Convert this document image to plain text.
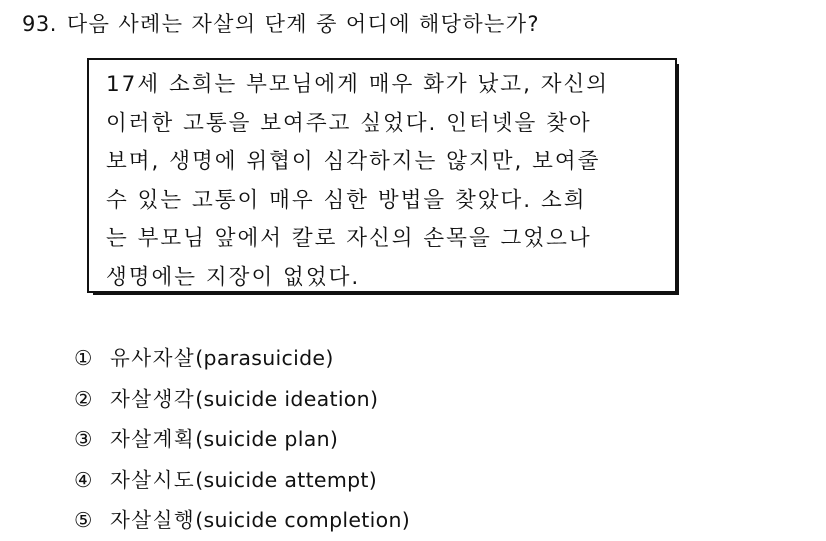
93. 다음 사례는 자살의 단계 중 어디에 해당하는가?
17세 소희는 부모님에게 매우 화가 났고, 자신의
이러한 고통을 보여주고 싶었다. 인터넷을 찾아
보며, 생명에 위협이 심각하지는 않지만, 보여줄
수 있는 고통이 매우 심한 방법을 찾았다. 소희
는 부모님 앞에서 칼로 자신의 손목을 그었으나
생명에는 지장이 없었다.
① 유사자살(parasuicide)
② 자살생각(suicide ideation)
③ 자살계획(suicide plan)
④ 자살시도(suicide attempt)
⑤ 자살실행(suicide completion)
